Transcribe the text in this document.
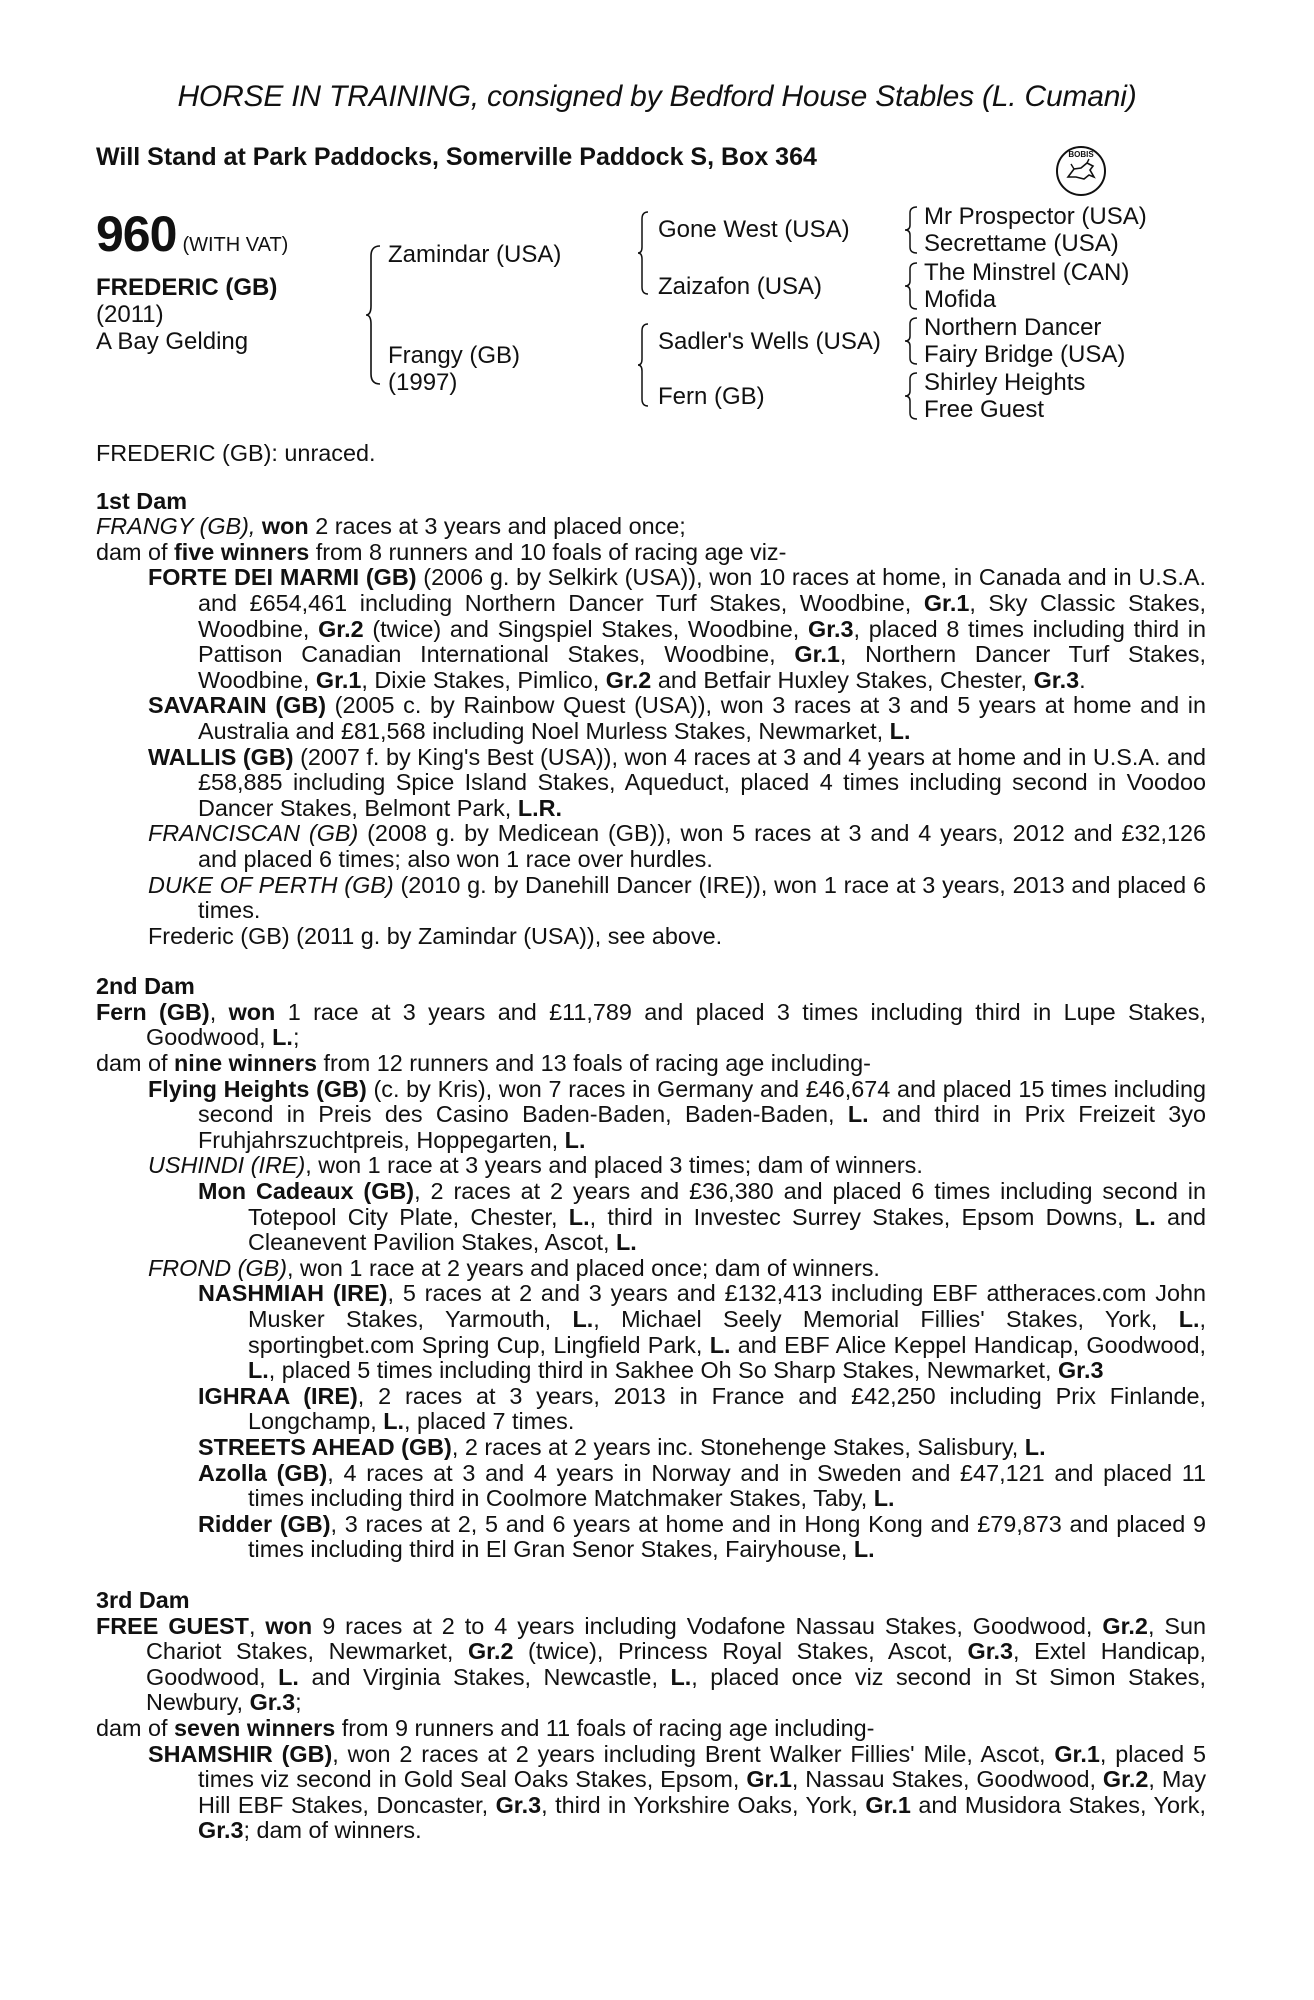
HORSE IN TRAINING, consigned by Bedford House Stables (L. Cumani)
Will Stand at Park Paddocks, Somerville Paddock S, Box 364	BOBIS
960 (WITH VAT)
FREDERIC (GB)
(2011)
A Bay Gelding
Zamindar (USA)
Frangy (GB)
(1997)
Gone West (USA)
Zaizafon (USA)
Sadler's Wells (USA)
Fern (GB)
Mr Prospector (USA)
Secrettame (USA)
The Minstrel (CAN)
Mofida
Northern Dancer
Fairy Bridge (USA)
Shirley Heights
Free Guest

FREDERIC (GB): unraced.

1st Dam

FRANGY (GB), won 2 races at 3 years and placed once;

dam of five winners from 8 runners and 10 foals of racing age viz-

FORTE DEI MARMI (GB) (2006 g. by Selkirk (USA)), won 10 races at home, in Canada and in U.S.A. and £654,461 including Northern Dancer Turf Stakes, Woodbine, Gr.1, Sky Classic Stakes, Woodbine, Gr.2 (twice) and Singspiel Stakes, Woodbine, Gr.3, placed 8 times including third in Pattison Canadian International Stakes, Woodbine, Gr.1, Northern Dancer Turf Stakes, Woodbine, Gr.1, Dixie Stakes, Pimlico, Gr.2 and Betfair Huxley Stakes, Chester, Gr.3.

SAVARAIN (GB) (2005 c. by Rainbow Quest (USA)), won 3 races at 3 and 5 years at home and in Australia and £81,568 including Noel Murless Stakes, Newmarket, L.

WALLIS (GB) (2007 f. by King's Best (USA)), won 4 races at 3 and 4 years at home and in U.S.A. and £58,885 including Spice Island Stakes, Aqueduct, placed 4 times including second in Voodoo Dancer Stakes, Belmont Park, L.R.

FRANCISCAN (GB) (2008 g. by Medicean (GB)), won 5 races at 3 and 4 years, 2012 and £32,126 and placed 6 times; also won 1 race over hurdles.

DUKE OF PERTH (GB) (2010 g. by Danehill Dancer (IRE)), won 1 race at 3 years, 2013 and placed 6 times.

Frederic (GB) (2011 g. by Zamindar (USA)), see above.

2nd Dam

Fern (GB), won 1 race at 3 years and £11,789 and placed 3 times including third in Lupe Stakes, Goodwood, L.;

dam of nine winners from 12 runners and 13 foals of racing age including-

Flying Heights (GB) (c. by Kris), won 7 races in Germany and £46,674 and placed 15 times including second in Preis des Casino Baden-Baden, Baden-Baden, L. and third in Prix Freizeit 3yo Fruhjahrszuchtpreis, Hoppegarten, L.

USHINDI (IRE), won 1 race at 3 years and placed 3 times; dam of winners.

Mon Cadeaux (GB), 2 races at 2 years and £36,380 and placed 6 times including second in Totepool City Plate, Chester, L., third in Investec Surrey Stakes, Epsom Downs, L. and Cleanevent Pavilion Stakes, Ascot, L.

FROND (GB), won 1 race at 2 years and placed once; dam of winners.

NASHMIAH (IRE), 5 races at 2 and 3 years and £132,413 including EBF attheraces.com John Musker Stakes, Yarmouth, L., Michael Seely Memorial Fillies' Stakes, York, L., sportingbet.com Spring Cup, Lingfield Park, L. and EBF Alice Keppel Handicap, Goodwood, L., placed 5 times including third in Sakhee Oh So Sharp Stakes, Newmarket, Gr.3

IGHRAA (IRE), 2 races at 3 years, 2013 in France and £42,250 including Prix Finlande, Longchamp, L., placed 7 times.

STREETS AHEAD (GB), 2 races at 2 years inc. Stonehenge Stakes, Salisbury, L.

Azolla (GB), 4 races at 3 and 4 years in Norway and in Sweden and £47,121 and placed 11 times including third in Coolmore Matchmaker Stakes, Taby, L.

Ridder (GB), 3 races at 2, 5 and 6 years at home and in Hong Kong and £79,873 and placed 9 times including third in El Gran Senor Stakes, Fairyhouse, L.

3rd Dam

FREE GUEST, won 9 races at 2 to 4 years including Vodafone Nassau Stakes, Goodwood, Gr.2, Sun Chariot Stakes, Newmarket, Gr.2 (twice), Princess Royal Stakes, Ascot, Gr.3, Extel Handicap, Goodwood, L. and Virginia Stakes, Newcastle, L., placed once viz second in St Simon Stakes, Newbury, Gr.3;

dam of seven winners from 9 runners and 11 foals of racing age including-

SHAMSHIR (GB), won 2 races at 2 years including Brent Walker Fillies' Mile, Ascot, Gr.1, placed 5 times viz second in Gold Seal Oaks Stakes, Epsom, Gr.1, Nassau Stakes, Goodwood, Gr.2, May Hill EBF Stakes, Doncaster, Gr.3, third in Yorkshire Oaks, York, Gr.1 and Musidora Stakes, York, Gr.3; dam of winners.
